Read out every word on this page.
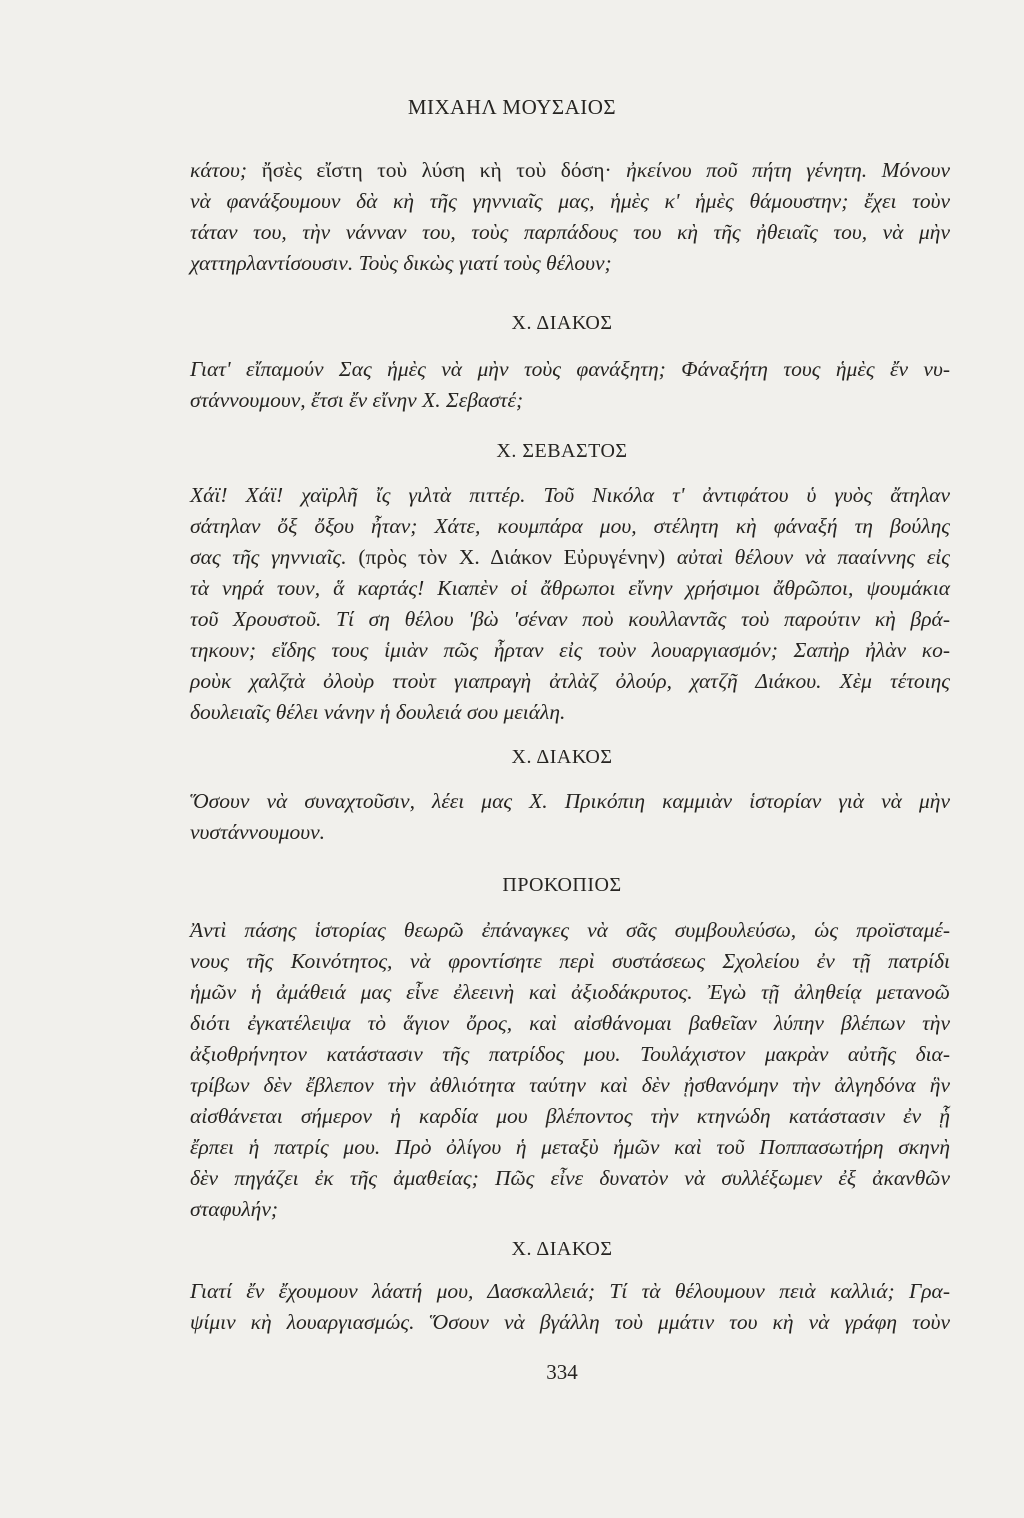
ΜΙΧΑΗΛ ΜΟΥΣΑΙΟΣ
κάτου; ἤσὲς εἴστη τοὺ λύση κὴ τοὺ δόση· ἠκείνου ποῦ πήτη γένητη. Μόνουν
νὰ φανάξουμουν δὰ κὴ τῆς γηννιαῖς μας, ἡμὲς κ' ἡμὲς θάμουστην; ἔχει τοὺν
τάταν του, τὴν νάνναν του, τοὺς παρπάδους του κὴ τῆς ἠθειαῖς του, νὰ μὴν
χαττηρλαντίσουσιν. Τοὺς δικὼς γιατί τοὺς θέλουν;
Χ. ΔΙΑΚΟΣ
Γιατ' εἴπαμούν Σας ἡμὲς νὰ μὴν τοὺς φανάξητη; Φάναξήτη τους ἡμὲς ἔν νυ-
στάννουμουν, ἔτσι ἔν εἴνην Χ. Σεβαστέ;
Χ. ΣΕΒΑΣΤΟΣ
Χάϊ! Χάϊ! χαϊρλῆ ἴς γιλτὰ πιττέρ. Τοῦ Νικόλα τ' ἀντιφάτου ὑ γυὸς ἄτηλαν
σάτηλαν ὄξ ὄξου ἦταν; Χάτε, κουμπάρα μου, στέλητη κὴ φάναξή τη βούλης
σας τῆς γηννιαῖς. (πρὸς τὸν Χ. Διάκον Εὐρυγένην) αὐταὶ θέλουν νὰ πααίννης εἰς
τὰ νηρά τουν, ἅ καρτάς! Κιαπὲν οἱ ἄθρωποι εἴνην χρήσιμοι ἄθρῶποι, ψουμάκια
τοῦ Χρουστοῦ. Τί ση θέλου 'βὼ 'σέναν ποὺ κουλλαντᾶς τοὺ παρούτιν κὴ βρά-
τηκουν; εἴδης τους ἱμιὰν πῶς ἦρταν εἰς τοὺν λουαργιασμόν; Σαπὴρ ἠλὰν κο-
ροὺκ χαλζτὰ ὀλοὺρ ττοὺτ γιαπραγὴ ἀτλὰζ ὀλούρ, χατζῆ Διάκου. Χὲμ τέτοιης
δουλειαῖς θέλει νάνην ἡ δουλειά σου μειάλη.
Χ. ΔΙΑΚΟΣ
Ὅσουν νὰ συναχτοῦσιν, λέει μας Χ. Πρικόπιη καμμιὰν ἱστορίαν γιὰ νὰ μὴν
νυστάννουμουν.
ΠΡΟΚΟΠΙΟΣ
Ἀντὶ πάσης ἱστορίας θεωρῶ ἐπάναγκες νὰ σᾶς συμβουλεύσω, ὡς προϊσταμέ-
νους τῆς Κοινότητος, νὰ φροντίσητε περὶ συστάσεως Σχολείου ἐν τῇ πατρίδι
ἡμῶν ἡ ἀμάθειά μας εἶνε ἐλεεινὴ καὶ ἀξιοδάκρυτος. Ἐγὼ τῇ ἀληθείᾳ μετανοῶ
διότι ἐγκατέλειψα τὸ ἅγιον ὄρος, καὶ αἰσθάνομαι βαθεῖαν λύπην βλέπων τὴν
ἀξιοθρήνητον κατάστασιν τῆς πατρίδος μου. Τουλάχιστον μακρὰν αὐτῆς δια-
τρίβων δὲν ἔβλεπον τὴν ἀθλιότητα ταύτην καὶ δὲν ᾐσθανόμην τὴν ἀλγηδόνα ἣν
αἰσθάνεται σήμερον ἡ καρδία μου βλέποντος τὴν κτηνώδη κατάστασιν ἐν ᾗ
ἔρπει ἡ πατρίς μου. Πρὸ ὀλίγου ἡ μεταξὺ ἡμῶν καὶ τοῦ Πoππασωτήρη σκηνὴ
δὲν πηγάζει ἐκ τῆς ἀμαθείας; Πῶς εἶνε δυνατὸν νὰ συλλέξωμεν ἐξ ἀκανθῶν
σταφυλήν;
Χ. ΔΙΑΚΟΣ
Γιατί ἔν ἔχουμουν λάατή μου, Δασκαλλειά; Τί τὰ θέλουμουν πειὰ καλλιά; Γρα-
ψίμιν κὴ λουαργιασμώς. Ὅσουν νὰ βγάλλη τοὺ μμάτιν του κὴ νὰ γράφη τοὺν
334
